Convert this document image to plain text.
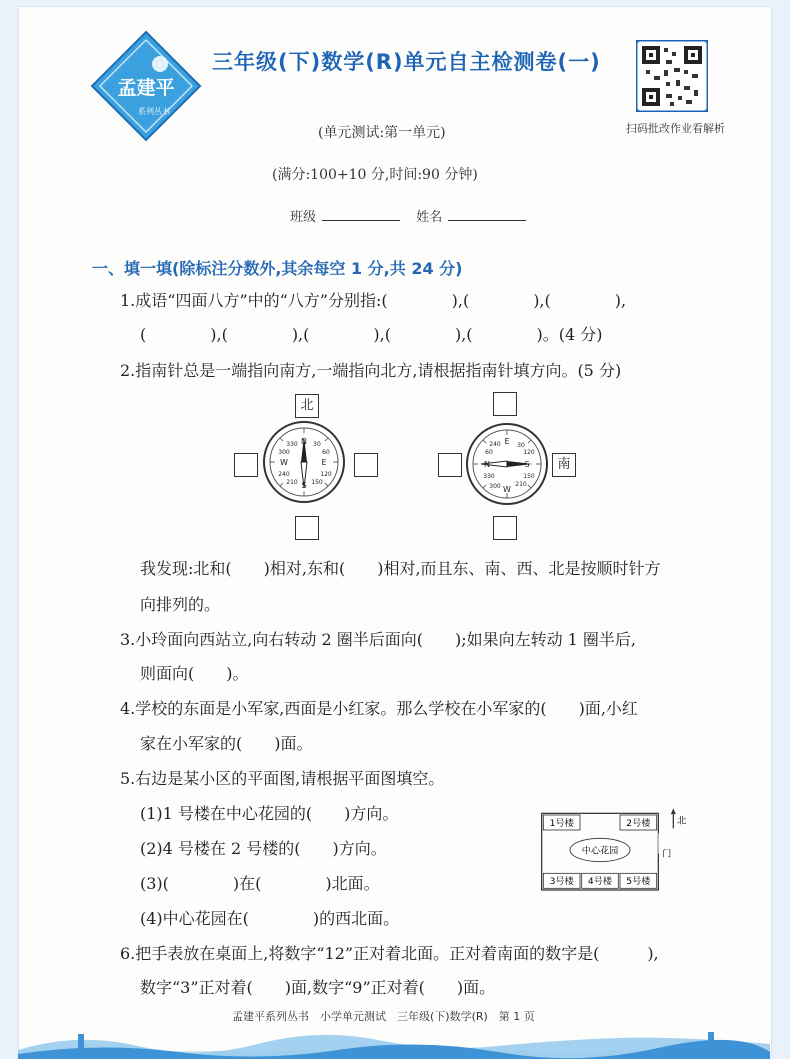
孟建平
系列丛书
三年级(下)数学(R)单元自主检测卷(一)
扫码批改作业看解析
(单元测试:第一单元)
(满分:100+10 分,时间:90 分钟)
班级	姓名
一、填一填(除标注分数外,其余每空 1 分,共 24 分)
1.成语“四面八方”中的“八方”分别指:(　　　　),(　　　　),(　　　　),
(　　　　),(　　　　),(　　　　),(　　　　),(　　　　)。(4 分)
2.指南针总是一端指向南方,一端指向北方,请根据指南针填方向。(5 分)
北
N
E
S
W
330	30
60
300
120
240
150
210
南
N
E
S
W
330
30
120
60
300 210
150
240
我发现:北和(　　)相对,东和(　　)相对,而且东、南、西、北是按顺时针方
向排列的。
3.小玲面向西站立,向右转动 2 圈半后面向(　　);如果向左转动 1 圈半后,
则面向(　　)。
4.学校的东面是小军家,西面是小红家。那么学校在小军家的(　　)面,小红
家在小军家的(　　)面。
5.右边是某小区的平面图,请根据平面图填空。
(1)1 号楼在中心花园的(　　)方向。
(2)4 号楼在 2 号楼的(　　)方向。
(3)(　　　　)在(　　　　)北面。
(4)中心花园在(　　　　)的西北面。
1号楼	2号楼
中心花园
3号楼 4号楼 5号楼
北
门
6.把手表放在桌面上,将数字“12”正对着北面。正对着南面的数字是(　　　),
数字“3”正对着(　　)面,数字“9”正对着(　　)面。
孟建平系列丛书　小学单元测试　三年级(下)数学(R)　第 1 页
